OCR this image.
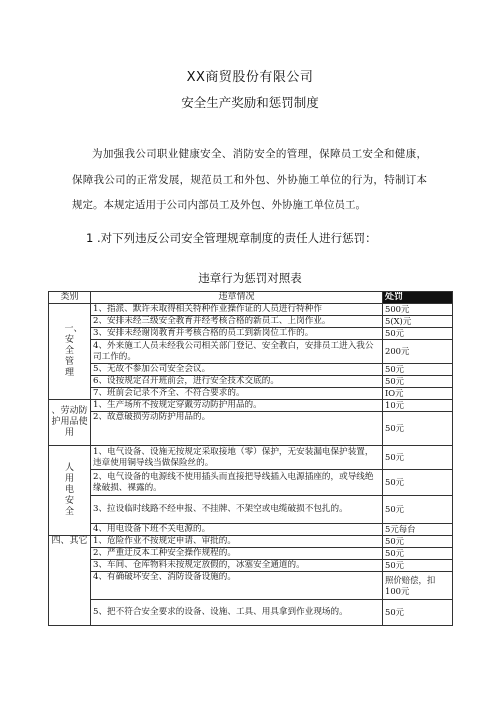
XX商贸股份有限公司
安全生产奖励和惩罚制度
为加强我公司职业健康安全、消防安全的管理，保障员工安全和健康，保障我公司的正常发展，规范员工和外包、外协施工单位的行为，特制订本规定。本规定适用于公司内部员工及外包、外协施工单位员工。
1 .对下列违反公司安全管理规章制度的责任人进行惩罚：
违章行为惩罚对照表
类别	违章情况	处罚
一、安全管理	1、指派、默许未取得相关特种作业操作证的人员进行特种作	500元
	2、安排未经三级安全教育并经考核合格的新员工、上岗作业。	5(X)元
	3、安排未经谢岗教育并考核合格的员工到新岗位工作的。	50元
	4、外来施工人员未经我公司相关部门登记、安全教白，安排员工进入我公司工作的。	200元
	5、无故不参加公司安全会议。	50元
	6、设按规定召开班前会，进行安全技术交底的。	50元
	7、班前会记录不齐全、不符合要求的。	IO元
、劳动防护用品使用	1、生产场所不按规定穿戴劳动防护用品的。	10元
	2、故意破损劳动防护用品的。	50元
人用电安全	1、电气设备、设施无按规定采取接地（零）保护，无安装漏电保护装置，违章使用铜导线当做保险丝的。	50元
	2、电气设备的电源线不使用插头而直接把导线插入电源插座的，或导线绝缘破损、裸露的。	50元
	3、拉设临时线路不经申报、不挂牌、不架空或电缆破损不包扎的。	50元
	4、用电设备下班不关电源的。	5元每台
四、其它	1、危险作业不按规定申请、审批的。	50元
	2、严重迂反本工种安全操作规程的。	50元
	3、车间、仓库物料未按规定放假的，冰塞安全通道的。	50元
	4、有确破坏安全、消防设备设施的。	照价赔偿，扣100元
	5、把不符合安全要求的设备、设施、工具、用具拿到作业现场的。	50元
